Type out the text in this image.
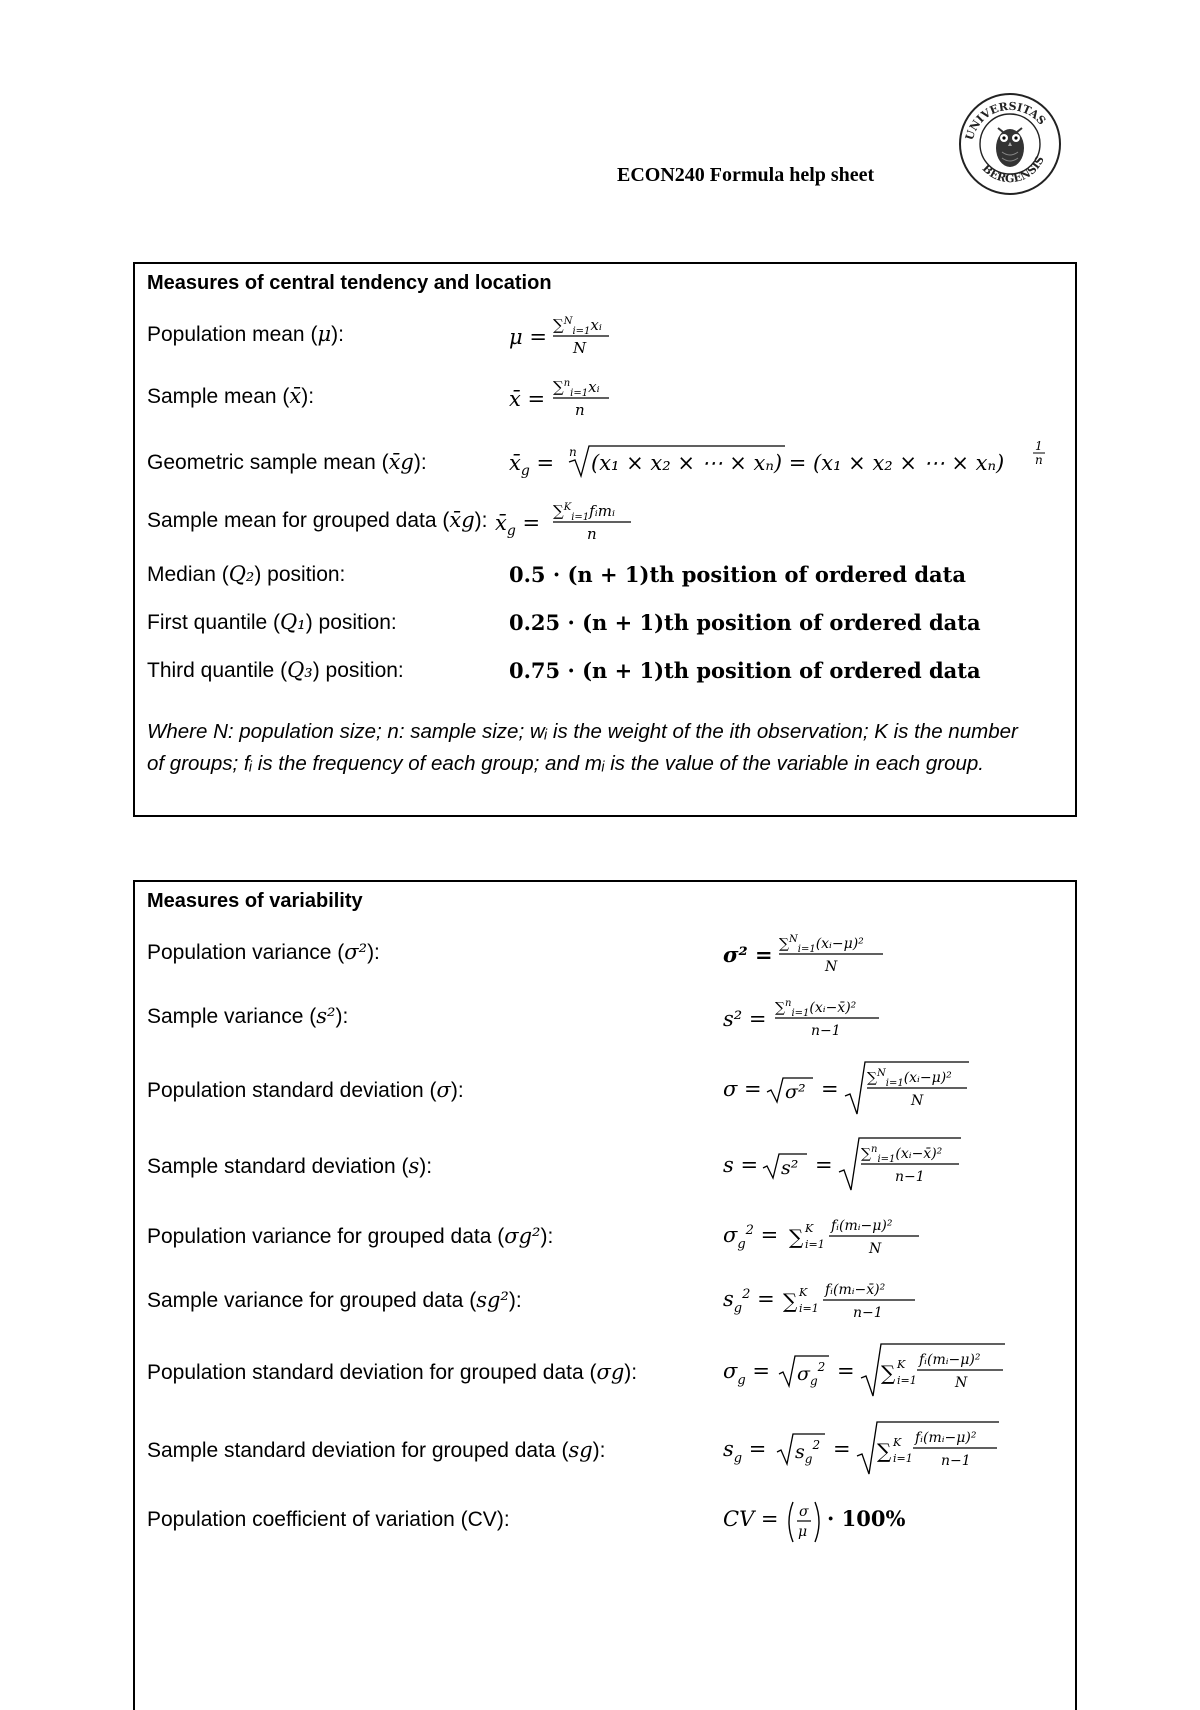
ECON240 Formula help sheet
UNIVERSITAS
BERGENSIS
Measures of central tendency and location
Population mean (μ):	μ = ∑$^N_{i=1}$xᵢ
N
Sample mean (x̄):	x̄ = ∑$^n_{i=1}$xᵢ
n
Geometric sample mean (x̄g):	$x̄_g = n$ (x₁ × x₂ × ⋯ × xₙ) = (x₁ × x₂ × ⋯ × xₙ)
1
n
Sample mean for grouped data (x̄g): $x̄_g$ = ∑$^K_{i=1}$fᵢmᵢ
n
Median (Q₂) position:	0.5 · (n + 1)th position of ordered data
First quantile (Q₁) position:	0.25 · (n + 1)th position of ordered data
Third quantile (Q₃) position:	0.75 · (n + 1)th position of ordered data
Where N: population size; n: sample size; wᵢ is the weight of the ith observation; K is the number of groups; fᵢ is the frequency of each group; and mᵢ is the value of the variable in each group.
Measures of variability
Population variance (σ²):	σ² = ∑$^N_{i=1}$(xᵢ−μ)²
N
Sample variance (s²):	s² = ∑$^n_{i=1}$(xᵢ−x̄)²
n−1
Population standard deviation (σ):	σ = σ² = ∑$^N_{i=1}$(xᵢ−μ)²
N
Sample standard deviation (s):	s = s² = ∑$^n_{i=1}$(xᵢ−x̄)²
n−1
Population variance for grouped data (σg²):	$\sigma_g^2$ = ∑ K
i=1
fᵢ(mᵢ−μ)²
N
Sample variance for grouped data (sg²):	$s_g^2$ = ∑ K
i=1
fᵢ(mᵢ−x̄)²
n−1
Population standard deviation for grouped data (σg):	$\sigma_g = \sigma_g^2$ = ∑ K
i=1
fᵢ(mᵢ−μ)²
N
Sample standard deviation for grouped data (sg):	$s_g = s_g^2$ = ∑ K
i=1
fᵢ(mᵢ−μ)²
n−1
Population coefficient of variation (CV):	CV = σ
μ
· 100%
